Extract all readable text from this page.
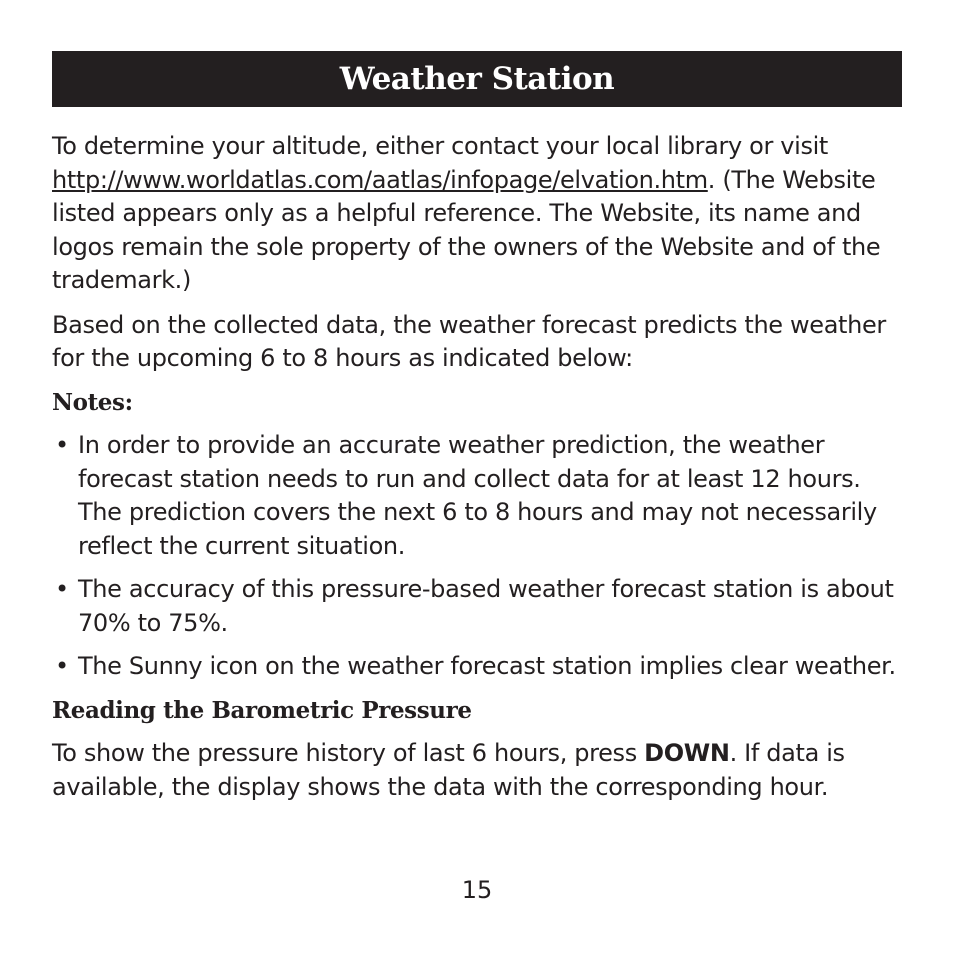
Weather Station

To determine your altitude, either contact your local library or visit http://www.worldatlas.com/aatlas/infopage/elvation.htm. (The Website listed appears only as a helpful reference. The Website, its name and logos remain the sole property of the owners of the Website and of the trademark.)

Based on the collected data, the weather forecast predicts the weather for the upcoming 6 to 8 hours as indicated below:

Notes:
• In order to provide an accurate weather prediction, the weather forecast station needs to run and collect data for at least 12 hours. The prediction covers the next 6 to 8 hours and may not necessarily reflect the current situation.
• The accuracy of this pressure-based weather forecast station is about 70% to 75%.
• The Sunny icon on the weather forecast station implies clear weather.
Reading the Barometric Pressure

To show the pressure history of last 6 hours, press DOWN. If data is available, the display shows the data with the corresponding hour.

15
